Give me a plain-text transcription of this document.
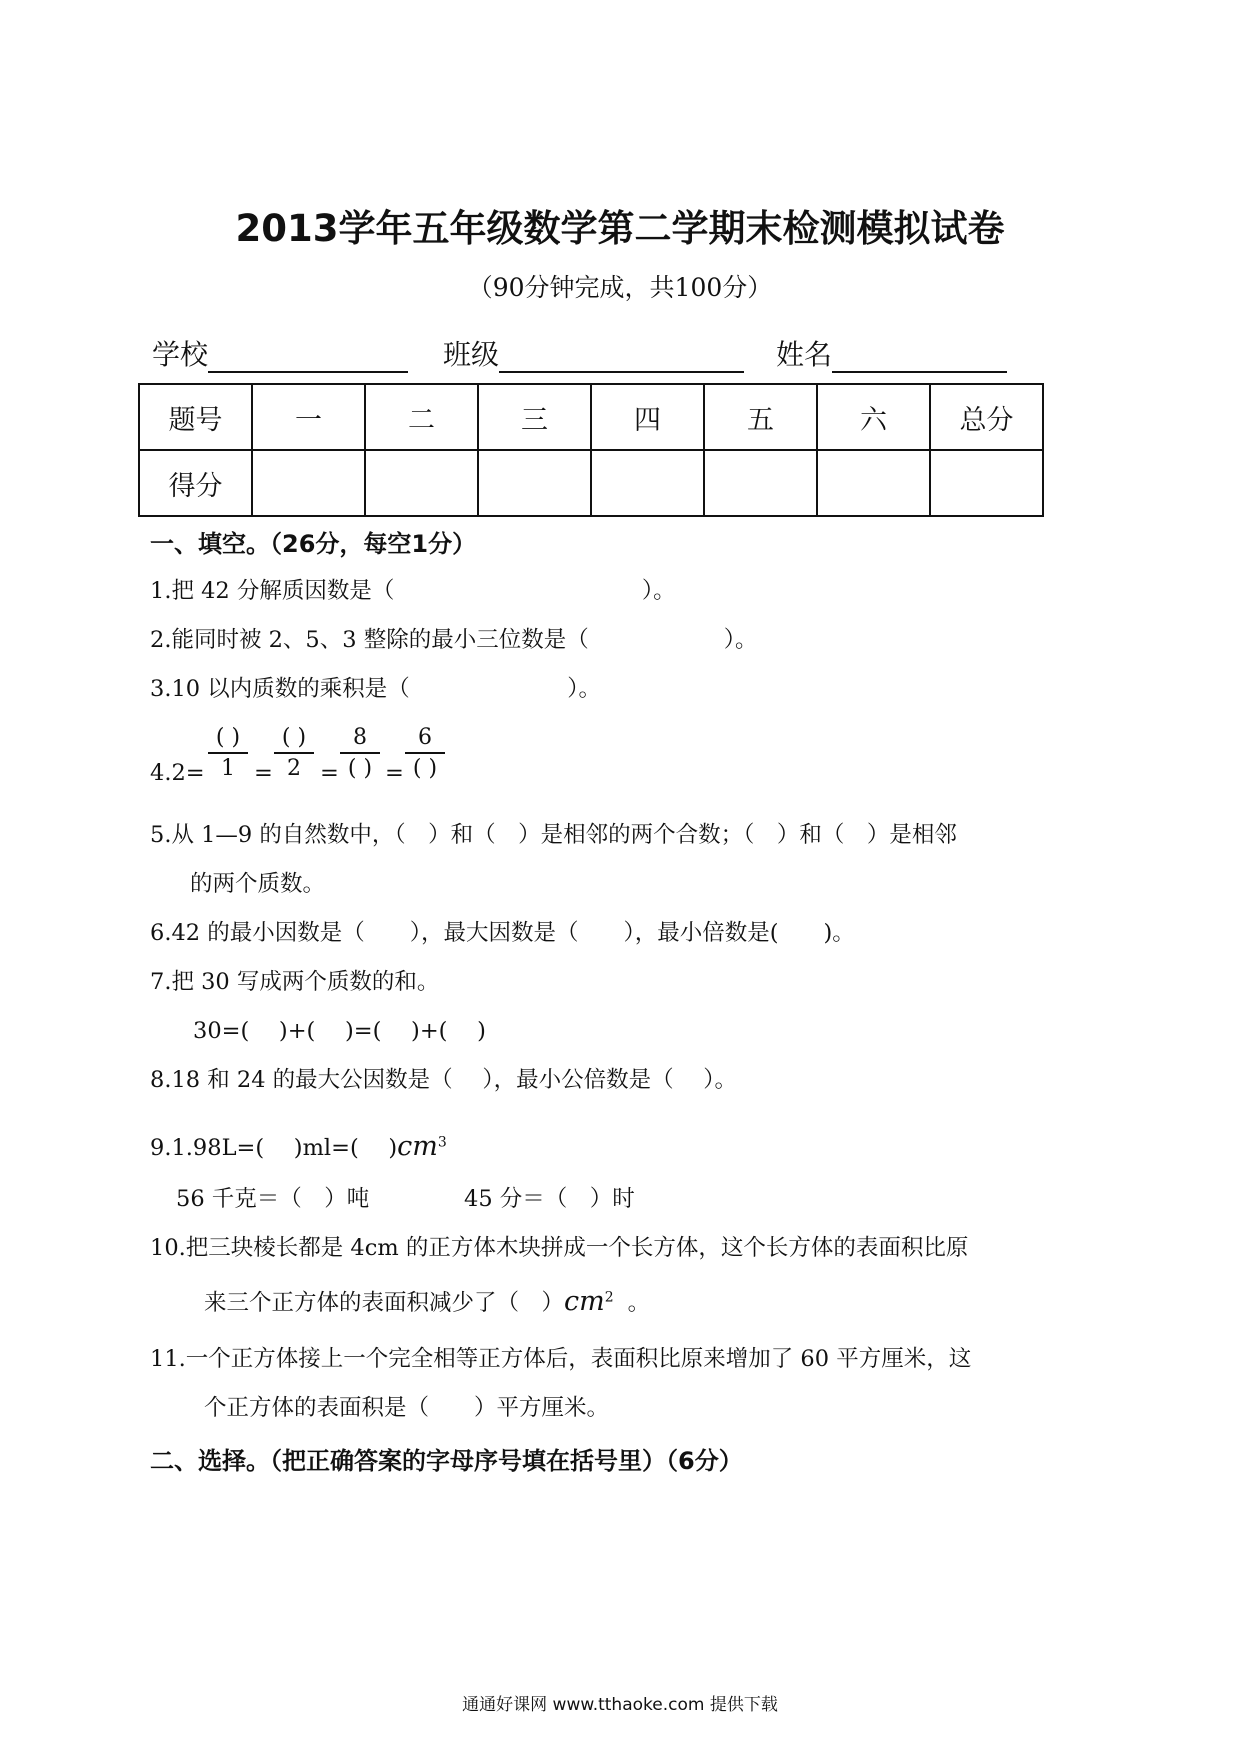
2013学年五年级数学第二学期末检测模拟试卷
（90分钟完成，共100分）
学校	班级	姓名
题号	一	二	三	四	五	六	总分
得分							
一、填空。（26分，每空1分）
1.把 42 分解质因数是（　　　　　　　　　　　）。
2.能同时被 2、5、3 整除的最小三位数是（　　　　　　）。
3.10 以内质数的乘积是（　　　　　　　）。
4.2=
( )
1 =
( )
2 =
8
( ) =
6
( )
5.从 1—9 的自然数中，（　）和（　）是相邻的两个合数；（　）和（　）是相邻
的两个质数。
6.42 的最小因数是（　　），最大因数是（　　），最小倍数是(　　)。
7.把 30 写成两个质数的和。
30=(　 )+(　 )=(　 )+(　 )
8.18 和 24 的最大公因数是（　 ），最小公倍数是（　 ）。
9.1.98L=(　 )ml=(　 )$cm^3$
56 千克＝（　）吨	45 分＝（　）时
10.把三块棱长都是 4cm 的正方体木块拼成一个长方体，这个长方体的表面积比原
来三个正方体的表面积减少了（　）$cm^2$ 。
11.一个正方体接上一个完全相等正方体后，表面积比原来增加了 60 平方厘米，这
个正方体的表面积是（　　）平方厘米。
二、选择。（把正确答案的字母序号填在括号里）（6分）
通通好课网 www.tthaoke.com 提供下载
